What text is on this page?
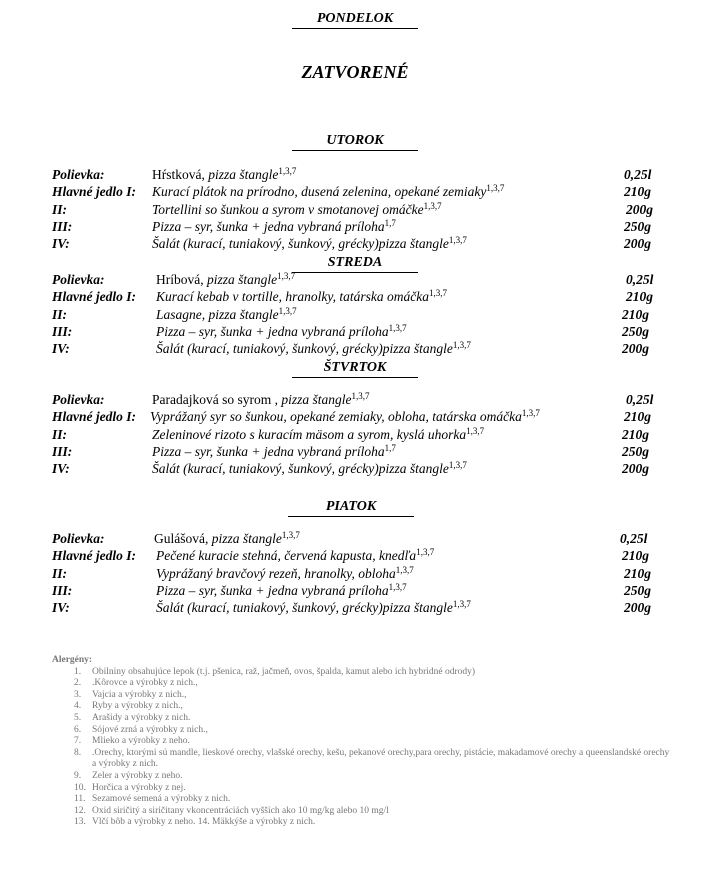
PONDELOK
ZATVORENÉ
UTOROK
Polievka:	Hŕstková, pizza štangle$^{1,3,7}$	0,25l
Hlavné jedlo I: Kurací plátok na prírodno, dusená zelenina, opekané zemiaky$^{1,3,7}$	210g
II:	Tortellini so šunkou a syrom v smotanovej omáčke$^{1,3,7}$	200g
III:	Pizza – syr, šunka + jedna vybraná príloha$^{1,7}$	250g
IV:	Šalát (kurací, tuniakový, šunkový, grécky)pizza štangle$^{1,3,7}$	200g
STREDA
Polievka:	Hríbová, pizza štangle$^{1,3,7}$	0,25l
Hlavné jedlo I: Kurací kebab v tortille, hranolky, tatárska omáčka$^{1,3,7}$	210g
II:	Lasagne, pizza štangle$^{1,3,7}$	210g
III:	Pizza – syr, šunka + jedna vybraná príloha$^{1,3,7}$	250g
IV:	Šalát (kurací, tuniakový, šunkový, grécky)pizza štangle$^{1,3,7}$	200g
ŠTVRTOK
Polievka:	Paradajková so syrom , pizza štangle$^{1,3,7}$	0,25l
Hlavné jedlo I: Vyprážaný syr so šunkou, opekané zemiaky, obloha, tatárska omáčka$^{1,3,7}$	210g
II:	Zeleninové rizoto s kuracím mäsom a syrom, kyslá uhorka$^{1,3,7}$	210g
III:	Pizza – syr, šunka + jedna vybraná príloha$^{1,7}$	250g
IV:	Šalát (kurací, tuniakový, šunkový, grécky)pizza štangle$^{1,3,7}$	200g
PIATOK
Polievka:	Gulášová, pizza štangle$^{1,3,7}$	0,25l
Hlavné jedlo I: Pečené kuracie stehná, červená kapusta, knedľa$^{1,3,7}$	210g
II:	Vyprážaný bravčový rezeň, hranolky, obloha$^{1,3,7}$	210g
III:	Pizza – syr, šunka + jedna vybraná príloha$^{1,3,7}$	250g
IV:	Šalát (kurací, tuniakový, šunkový, grécky)pizza štangle$^{1,3,7}$	200g
Alergény:
1. Obilniny obsahujúce lepok (t.j. pšenica, raž, jačmeň, ovos, špalda, kamut alebo ich hybridné odrody)
2. .Kôrovce a výrobky z nich.,
3. Vajcia a výrobky z nich.,
4. Ryby a výrobky z nich.,
5. Arašidy a výrobky z nich.
6. Sójové zrná a výrobky z nich.,
7. Mlieko a výrobky z neho.
8. .Orechy, ktorými sú mandle, lieskové orechy, vlašské orechy, kešu, pekanové orechy,para orechy, pistácie, makadamové orechy a queenslandské orechy a výrobky z nich.
9. Zeler a výrobky z neho.
10. Horčica a výrobky z nej.
11. Sezamové semená a výrobky z nich.
12. Oxid siričitý a siričitany vkoncentráciách vyšších ako 10 mg/kg alebo 10 mg/l
13. Vlčí bôb a výrobky z neho. 14. Mäkkýše a výrobky z nich.
